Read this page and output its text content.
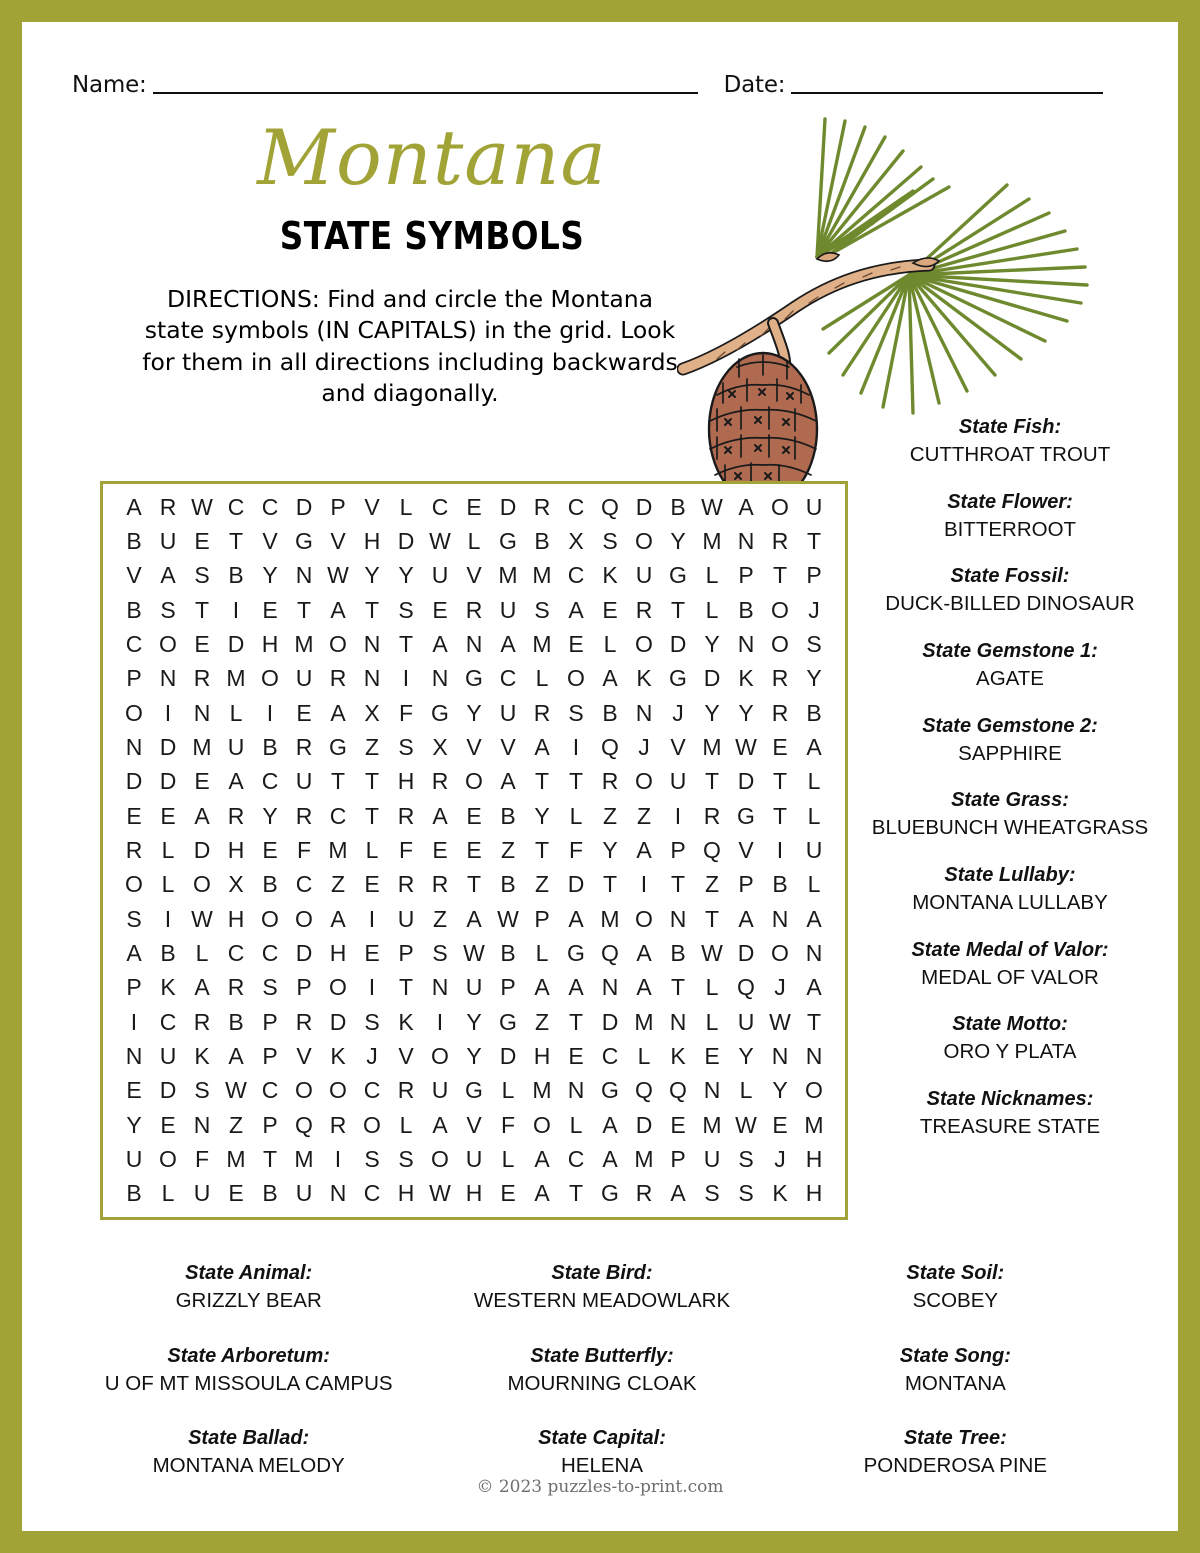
Name:	Date:
Montana
STATE SYMBOLS
DIRECTIONS: Find and circle the Montana state symbols (IN CAPITALS) in the grid. Look for them in all directions including backwards and diagonally.
A R W C C D P V L C E D R C Q D B W A O U
B U E T V G V H D W L G B X S O Y M N R T
V A S B Y N W Y Y U V M M C K U G L P T P
B S T I E T A T S E R U S A E R T L B O J
C O E D H M O N T A N A M E L O D Y N O S
P N R M O U R N I N G C L O A K G D K R Y
O I N L I E A X F G Y U R S B N J Y Y R B
N D M U B R G Z S X V V A I Q J V M W E A
D D E A C U T T H R O A T T R O U T D T L
E E A R Y R C T R A E B Y L Z Z I R G T L
R L D H E F M L F E E Z T F Y A P Q V I U
O L O X B C Z E R R T B Z D T I T Z P B L
S I W H O O A I U Z A W P A M O N T A N A
A B L C C D H E P S W B L G Q A B W D O N
P K A R S P O I T N U P A A N A T L Q J A
I C R B P R D S K I Y G Z T D M N L U W T
N U K A P V K J V O Y D H E C L K E Y N N
E D S W C O O C R U G L M N G Q Q N L Y O
Y E N Z P Q R O L A V F O L A D E M W E M
U O F M T M I S S O U L A C A M P U S J H
B L U E B U N C H W H E A T G R A S S K H
State Fish:
CUTTHROAT TROUT
State Flower:
BITTERROOT
State Fossil:
DUCK-BILLED DINOSAUR
State Gemstone 1:
AGATE
State Gemstone 2:
SAPPHIRE
State Grass:
BLUEBUNCH WHEATGRASS
State Lullaby:
MONTANA LULLABY
State Medal of Valor:
MEDAL OF VALOR
State Motto:
ORO Y PLATA
State Nicknames:
TREASURE STATE
State Animal:
GRIZZLY BEAR
State Arboretum:
U OF MT MISSOULA CAMPUS
State Ballad:
MONTANA MELODY
State Bird:
WESTERN MEADOWLARK
State Butterfly:
MOURNING CLOAK
State Capital:
HELENA
State Soil:
SCOBEY
State Song:
MONTANA
State Tree:
PONDEROSA PINE
© 2023 puzzles-to-print.com
